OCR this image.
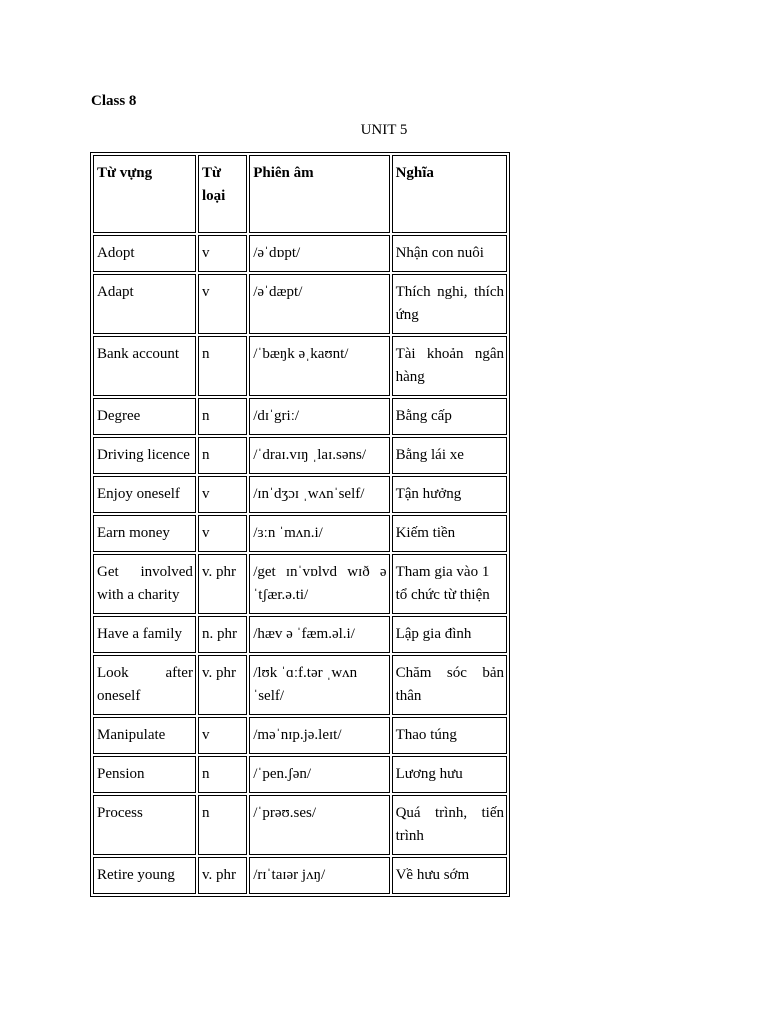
Class 8
UNIT 5
Từ vựng	Từ loại	Phiên âm	Nghĩa
Adopt	v	/əˈdɒpt/	Nhận con nuôi
Adapt	v	/əˈdæpt/	Thích nghi, thích ứng
Bank account	n	/ˈbæŋk əˌkaʊnt/	Tài khoản ngân hàng
Degree	n	/dɪˈgriː/	Bằng cấp
Driving licence	n	/ˈdraɪ.vɪŋ ˌlaɪ.səns/	Bằng lái xe
Enjoy oneself	v	/ɪnˈdʒɔɪ ˌwʌnˈself/	Tận hưởng
Earn money	v	/ɜːn ˈmʌn.i/	Kiếm tiền
Get involved with a charity	v. phr	/get ɪnˈvɒlvd wɪð ə ˈtʃær.ə.ti/	Tham gia vào 1 tổ chức từ thiện
Have a family	n. phr	/hæv ə ˈfæm.əl.i/	Lập gia đình
Look after oneself	v. phr	/lʊk ˈɑːf.tər ˌwʌnˈself/	Chăm sóc bản thân
Manipulate	v	/məˈnɪp.jə.leɪt/	Thao túng
Pension	n	/ˈpen.ʃən/	Lương hưu
Process	n	/ˈprəʊ.ses/	Quá trình, tiến trình
Retire young	v. phr	/rɪˈtaɪər jʌŋ/	Về hưu sớm
